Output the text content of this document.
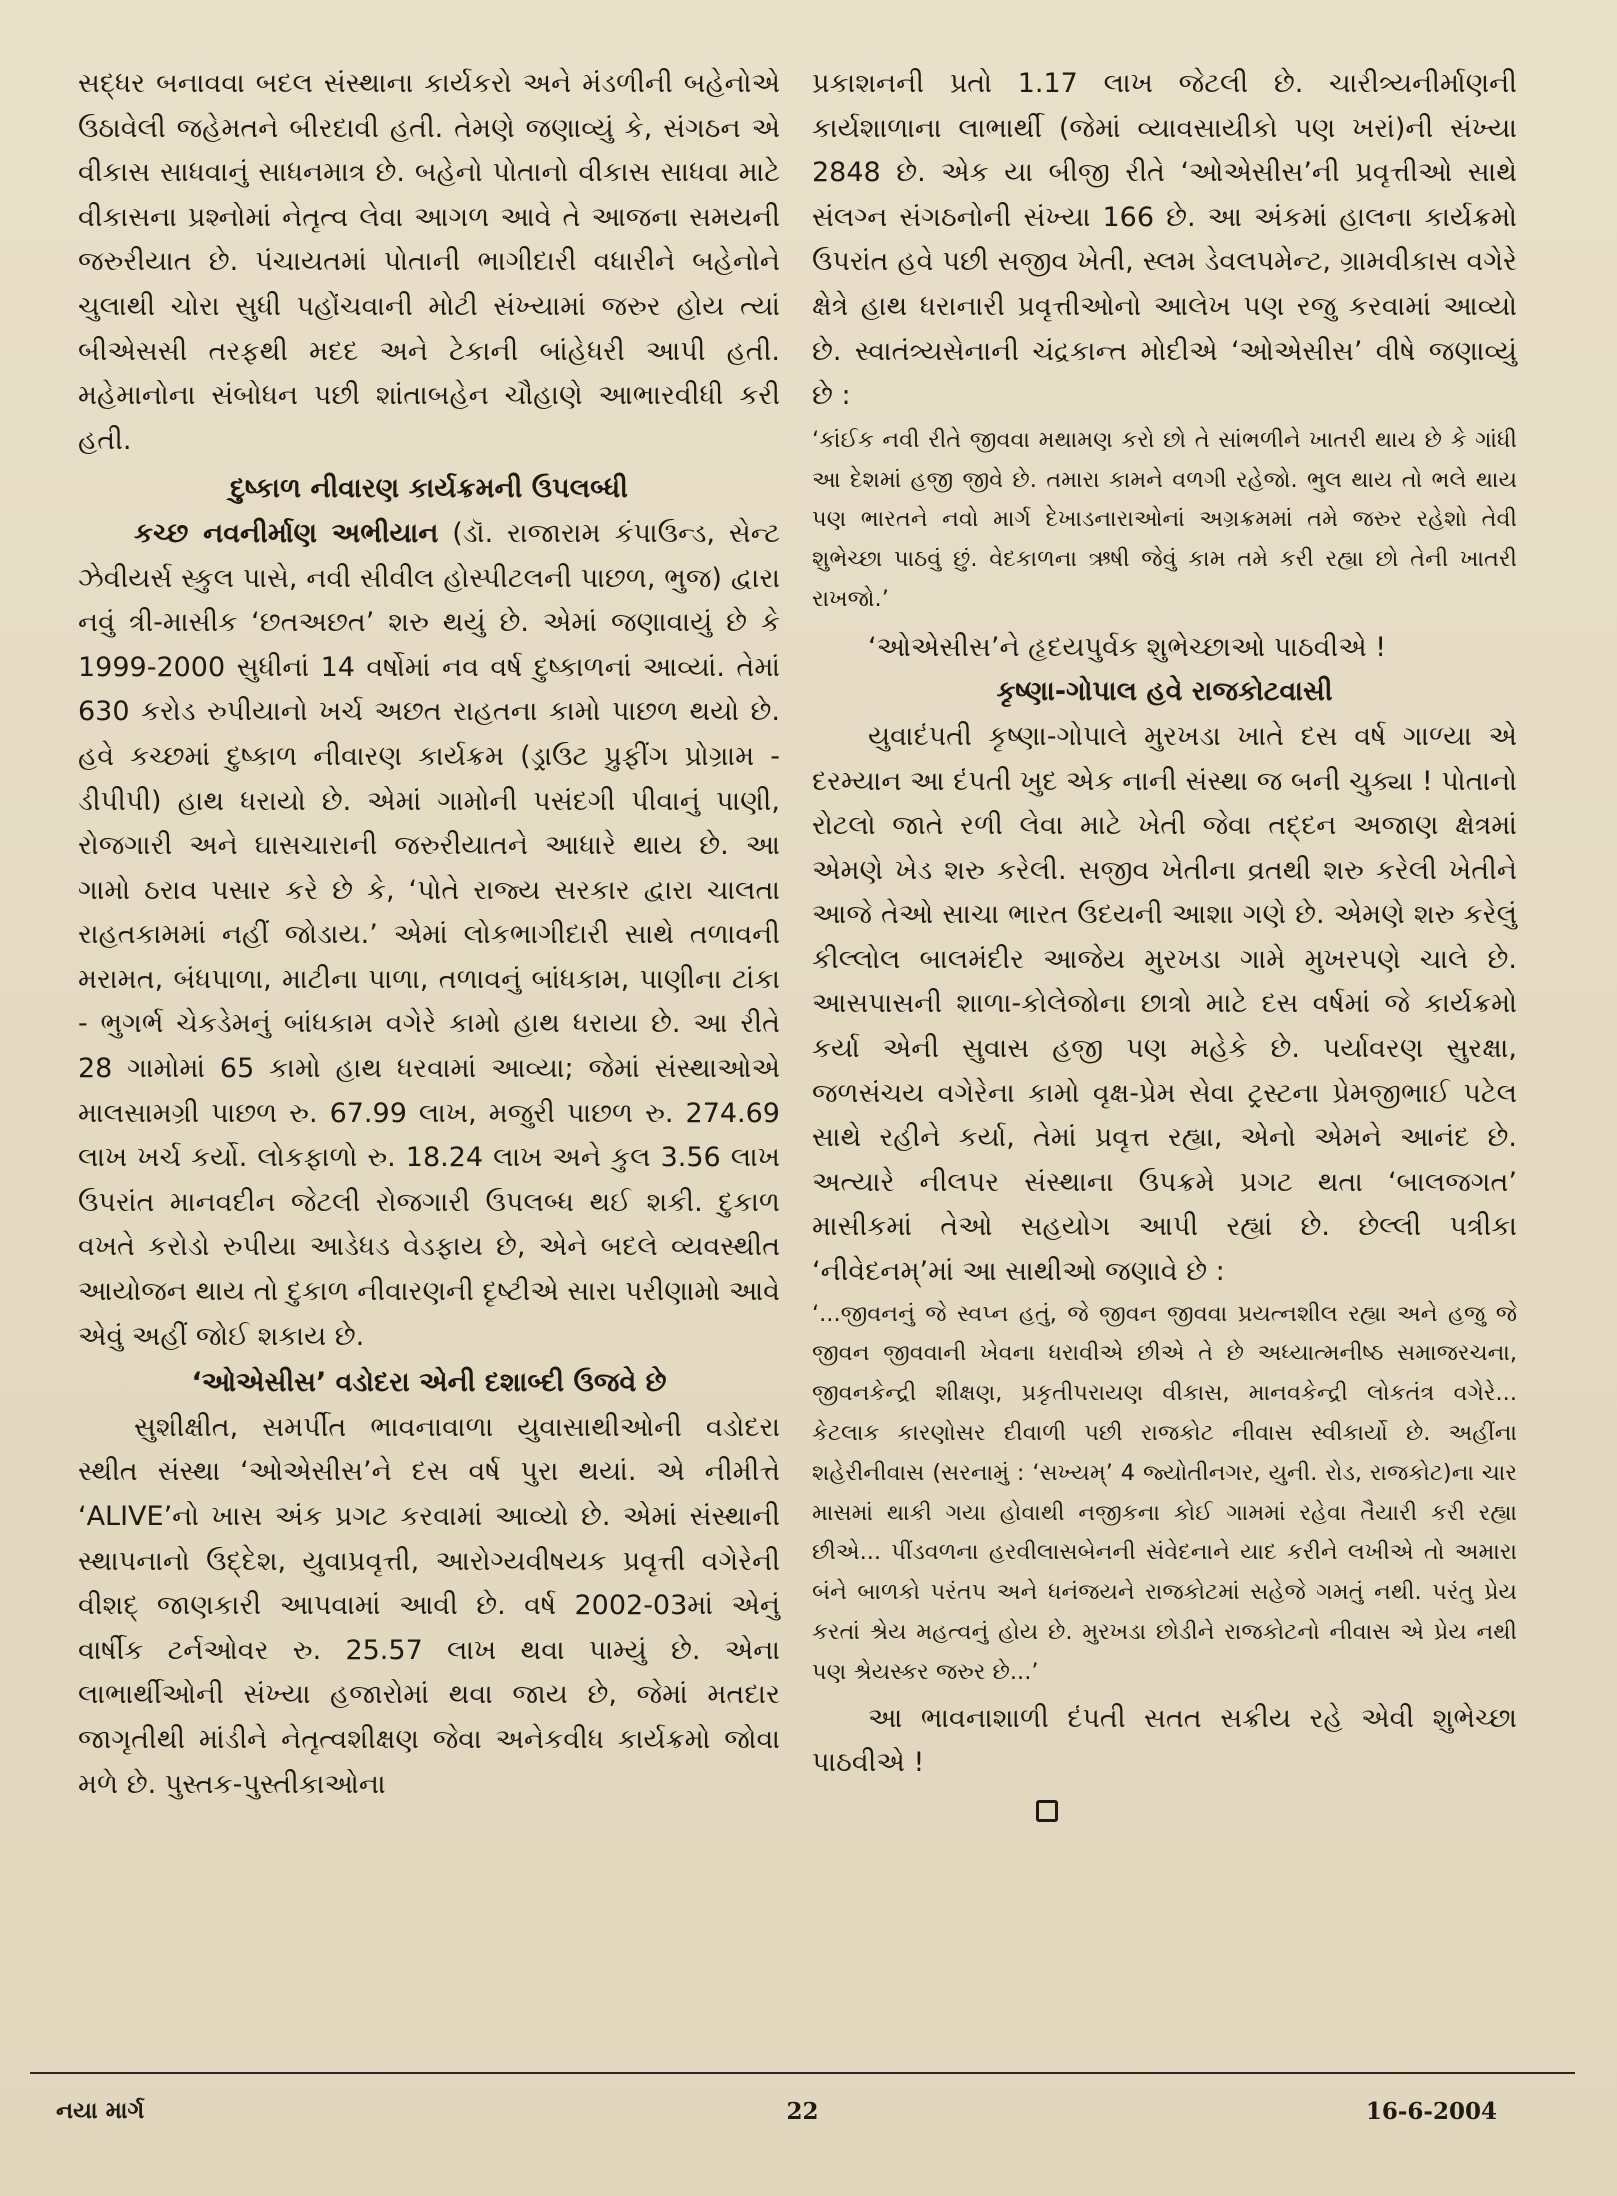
સદ્ધર બનાવવા બદલ સંસ્થાના કાર્યકરો અને મંડળીની બહેનોએ ઉઠાવેલી જહેમતને બીરદાવી હતી. તેમણે જણાવ્યું કે, સંગઠન એ વીકાસ સાધવાનું સાધનમાત્ર છે. બહેનો પોતાનો વીકાસ સાધવા માટે વીકાસના પ્રશ્નોમાં નેતૃત્વ લેવા આગળ આવે તે આજના સમયની જરુરીયાત છે. પંચાયતમાં પોતાની ભાગીદારી વધારીને બહેનોને ચુલાથી ચોરા સુધી પહોંચવાની મોટી સંખ્યામાં જરુર હોય ત્યાં બીએસસી તરફથી મદદ અને ટેકાની બાંહેધરી આપી હતી. મહેમાનોના સંબોધન પછી શાંતાબહેન ચૌહાણે આભારવીધી કરી હતી.

દુષ્કાળ નીવારણ કાર્યક્રમની ઉપલબ્ધી

કચ્છ નવનીર્માણ અભીયાન (ડૉ. રાજારામ કંપાઉન્ડ, સેન્ટ ઝેવીયર્સ સ્કુલ પાસે, નવી સીવીલ હોસ્પીટલની પાછળ, ભુજ) દ્વારા નવું ત્રી-માસીક ‘છતઅછત’ શરુ થયું છે. એમાં જણાવાયું છે કે 1999-2000 સુધીનાં 14 વર્ષોમાં નવ વર્ષ દુષ્કાળનાં આવ્યાં. તેમાં 630 કરોડ રુપીયાનો ખર્ચ અછત રાહતના કામો પાછળ થયો છે. હવે કચ્છમાં દુષ્કાળ નીવારણ કાર્યક્રમ (ડ્રાઉટ પ્રુફીંગ પ્રોગ્રામ - ડીપીપી) હાથ ધરાયો છે. એમાં ગામોની પસંદગી પીવાનું પાણી, રોજગારી અને ઘાસચારાની જરુરીયાતને આધારે થાય છે. આ ગામો ઠરાવ પસાર કરે છે કે, ‘પોતે રાજ્ય સરકાર દ્વારા ચાલતા રાહતકામમાં નહીં જોડાય.’ એમાં લોકભાગીદારી સાથે તળાવની મરામત, બંધપાળા, માટીના પાળા, તળાવનું બાંધકામ, પાણીના ટાંકા - ભુગર્ભ ચેકડેમનું બાંધકામ વગેરે કામો હાથ ધરાયા છે. આ રીતે 28 ગામોમાં 65 કામો હાથ ધરવામાં આવ્યા; જેમાં સંસ્થાઓએ માલસામગ્રી પાછળ રુ. 67.99 લાખ, મજુરી પાછળ રુ. 274.69 લાખ ખર્ચ કર્યો. લોકફાળો રુ. 18.24 લાખ અને કુલ 3.56 લાખ ઉપરાંત માનવદીન જેટલી રોજગારી ઉપલબ્ધ થઈ શકી. દુકાળ વખતે કરોડો રુપીયા આડેધડ વેડફાય છે, એને બદલે વ્યવસ્થીત આયોજન થાય તો દુકાળ નીવારણની દૃષ્ટીએ સારા પરીણામો આવે એવું અહીં જોઈ શકાય છે.

‘ઓએસીસ’ વડોદરા એની દશાબ્દી ઉજવે છે

સુશીક્ષીત, સમર્પીત ભાવનાવાળા યુવાસાથીઓની વડોદરા સ્થીત સંસ્થા ‘ઓએસીસ’ને દસ વર્ષ પુરા થયાં. એ નીમીત્તે ‘ALIVE’નો ખાસ અંક પ્રગટ કરવામાં આવ્યો છે. એમાં સંસ્થાની સ્થાપનાનો ઉદ્દેશ, યુવાપ્રવૃત્તી, આરોગ્યવીષયક પ્રવૃત્તી વગેરેની વીશદ્ જાણકારી આપવામાં આવી છે. વર્ષ 2002-03માં એનું વાર્ષીક ટર્નઓવર રુ. 25.57 લાખ થવા પામ્યું છે. એના લાભાર્થીઓની સંખ્યા હજારોમાં થવા જાય છે, જેમાં મતદાર જાગૃતીથી માંડીને નેતૃત્વશીક્ષણ જેવા અનેકવીધ કાર્યક્રમો જોવા મળે છે. પુસ્તક-પુસ્તીકાઓના

પ્રકાશનની પ્રતો 1.17 લાખ જેટલી છે. ચારીત્ર્યનીર્માણની કાર્યશાળાના લાભાર્થી (જેમાં વ્યાવસાયીકો પણ ખરાં)ની સંખ્યા 2848 છે. એક યા બીજી રીતે ‘ઓએસીસ’ની પ્રવૃત્તીઓ સાથે સંલગ્ન સંગઠનોની સંખ્યા 166 છે. આ અંકમાં હાલના કાર્યક્રમો ઉપરાંત હવે પછી સજીવ ખેતી, સ્લમ ડેવલપમેન્ટ, ગ્રામવીકાસ વગેરે ક્ષેત્રે હાથ ધરાનારી પ્રવૃત્તીઓનો આલેખ પણ રજુ કરવામાં આવ્યો છે. સ્વાતંત્ર્યસેનાની ચંદ્રકાન્ત મોદીએ ‘ઓએસીસ’ વીષે જણાવ્યું છે :

‘કાંઈક નવી રીતે જીવવા મથામણ કરો છો તે સાંભળીને ખાતરી થાય છે કે ગાંધી આ દેશમાં હજી જીવે છે. તમારા કામને વળગી રહેજો. ભુલ થાય તો ભલે થાય પણ ભારતને નવો માર્ગ દેખાડનારાઓનાં અગ્રક્રમમાં તમે જરુર રહેશો તેવી શુભેચ્છા પાઠવું છું. વેદકાળના ઋષી જેવું કામ તમે કરી રહ્યા છો તેની ખાતરી રાખજો.’

‘ઓએસીસ’ને હૃદયપુર્વક શુભેચ્છાઓ પાઠવીએ !

કૃષ્ણા-ગોપાલ હવે રાજકોટવાસી

યુવાદંપતી કૃષ્ણા-ગોપાલે મુરખડા ખાતે દસ વર્ષ ગાળ્યા એ દરમ્યાન આ દંપતી ખુદ એક નાની સંસ્થા જ બની ચુક્યા ! પોતાનો રોટલો જાતે રળી લેવા માટે ખેતી જેવા તદ્દન અજાણ ક્ષેત્રમાં એમણે ખેડ શરુ કરેલી. સજીવ ખેતીના વ્રતથી શરુ કરેલી ખેતીને આજે તેઓ સાચા ભારત ઉદયની આશા ગણે છે. એમણે શરુ કરેલું કીલ્લોલ બાલમંદીર આજેય મુરખડા ગામે મુખરપણે ચાલે છે. આસપાસની શાળા-કોલેજોના છાત્રો માટે દસ વર્ષમાં જે કાર્યક્રમો કર્યા એની સુવાસ હજી પણ મહેકે છે. પર્યાવરણ સુરક્ષા, જળસંચય વગેરેના કામો વૃક્ષ-પ્રેમ સેવા ટ્રસ્ટના પ્રેમજીભાઈ પટેલ સાથે રહીને કર્યા, તેમાં પ્રવૃત્ત રહ્યા, એનો એમને આનંદ છે. અત્યારે નીલપર સંસ્થાના ઉપક્રમે પ્રગટ થતા ‘બાલજગત’ માસીકમાં તેઓ સહયોગ આપી રહ્યાં છે. છેલ્લી પત્રીકા ‘નીવેદનમ્’માં આ સાથીઓ જણાવે છે :

‘...જીવનનું જે સ્વપ્ન હતું, જે જીવન જીવવા પ્રયત્નશીલ રહ્યા અને હજુ જે જીવન જીવવાની ખેવના ધરાવીએ છીએ તે છે અધ્યાત્મનીષ્ઠ સમાજરચના, જીવનકેન્દ્રી શીક્ષણ, પ્રકૃતીપરાયણ વીકાસ, માનવકેન્દ્રી લોકતંત્ર વગેરે... કેટલાક કારણોસર દીવાળી પછી રાજકોટ નીવાસ સ્વીકાર્યો છે. અહીંના શહેરીનીવાસ (સરનામું : ‘સખ્યમ્’ 4 જ્યોતીનગર, યુની. રોડ, રાજકોટ)ના ચાર માસમાં થાકી ગયા હોવાથી નજીકના કોઈ ગામમાં રહેવા તૈયારી કરી રહ્યા છીએ... પીંડવળના હરવીલાસબેનની સંવેદનાને યાદ કરીને લખીએ તો અમારા બંને બાળકો પરંતપ અને ધનંજયને રાજકોટમાં સહેજે ગમતું નથી. પરંતુ પ્રેય કરતાં શ્રેય મહત્વનું હોય છે. મુરખડા છોડીને રાજકોટનો નીવાસ એ પ્રેય નથી પણ શ્રેયસ્કર જરુર છે...’

આ ભાવનાશાળી દંપતી સતત સક્રીય રહે એવી શુભેચ્છા પાઠવીએ !

નયા માર્ગ	22	16-6-2004
